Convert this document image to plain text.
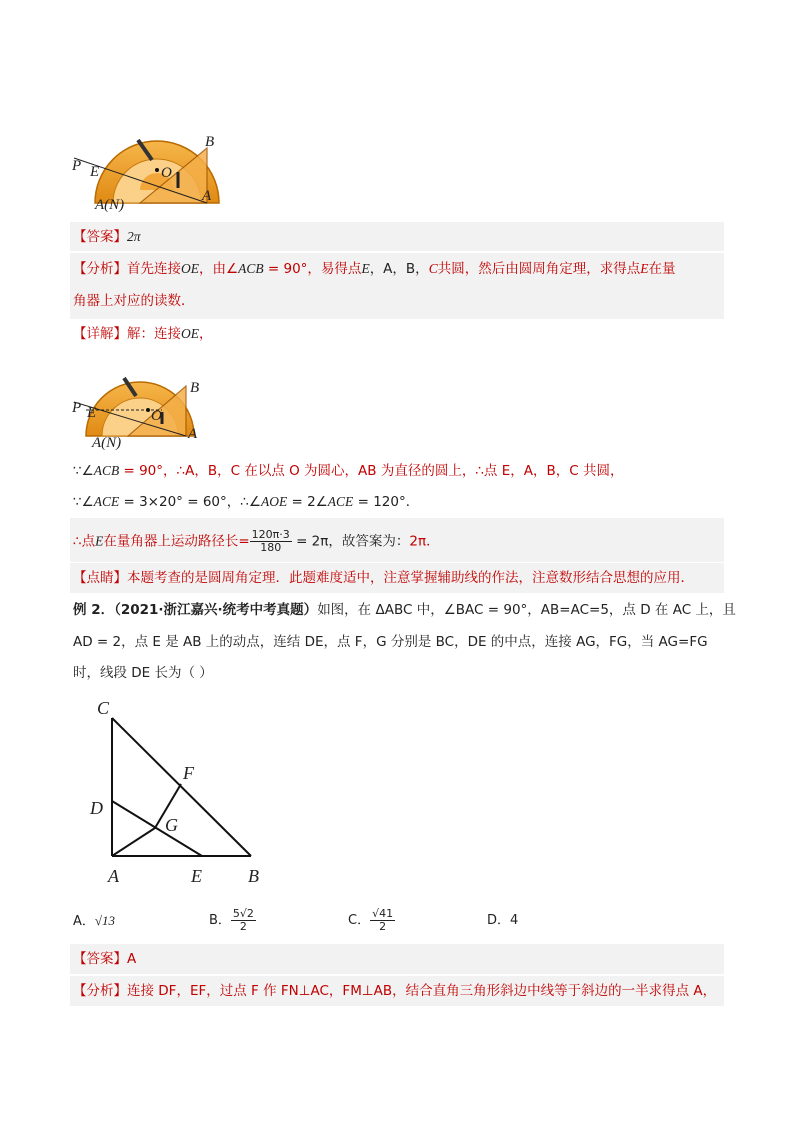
P E	O
B
A
A(N)
【答案】2π
【分析】首先连接OE，由∠ACB = 90°，易得点E，A，B，C共圆，然后由圆周角定理，求得点E在量
角器上对应的读数．
【详解】解：连接OE，
P E	O
B
A
A(N)
∵∠ACB = 90°，∴A，B，C 在以点 O 为圆心，AB 为直径的圆上，∴点 E，A，B，C 共圆，
∵∠ACE = 3×20° = 60°，∴∠AOE = 2∠ACE = 120°．
∴点E在量角器上运动路径长= $\frac{120\pi\cdot 3}{180} = 2\pi$，故答案为：2π．
【点睛】本题考查的是圆周角定理．此题难度适中，注意掌握辅助线的作法，注意数形结合思想的应用．
例 2．（2021·浙江嘉兴·统考中考真题）如图，在 ΔABC 中，∠BAC = 90°，AB=AC=5，点 D 在 AC 上，且
AD = 2，点 E 是 AB 上的动点，连结 DE，点 F，G 分别是 BC，DE 的中点，连接 AG，FG，当 AG=FG
时，线段 DE 长为（ ）
C
F
D
G
A	E	B
A．√13	B． $\frac{5√2}{2}$	C． $\frac{√41}{2}$	D．4
【答案】A
【分析】连接 DF，EF，过点 F 作 FN⊥AC，FM⊥AB，结合直角三角形斜边中线等于斜边的一半求得点 A，
